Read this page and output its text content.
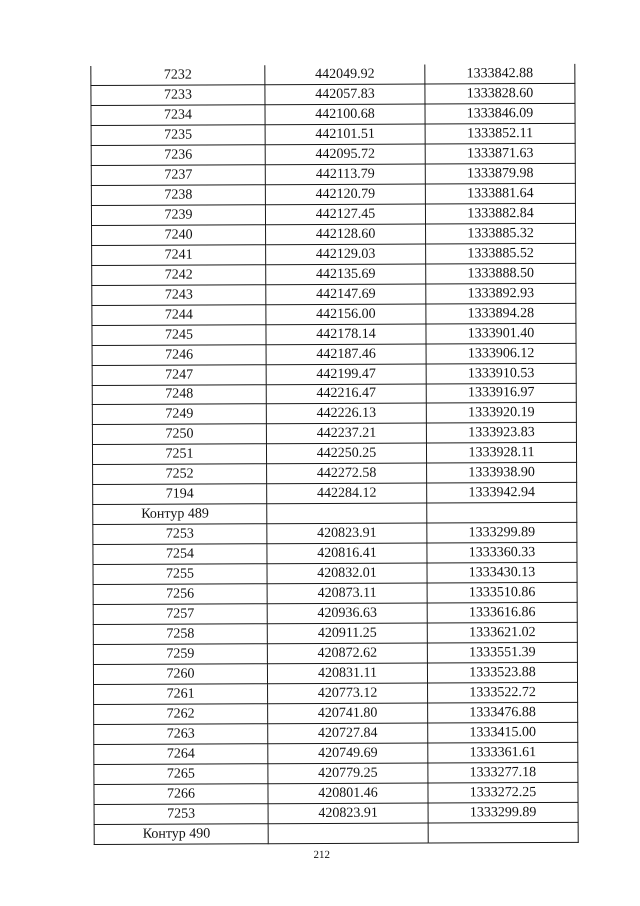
7232	442049.92	1333842.88
7233	442057.83	1333828.60
7234	442100.68	1333846.09
7235	442101.51	1333852.11
7236	442095.72	1333871.63
7237	442113.79	1333879.98
7238	442120.79	1333881.64
7239	442127.45	1333882.84
7240	442128.60	1333885.32
7241	442129.03	1333885.52
7242	442135.69	1333888.50
7243	442147.69	1333892.93
7244	442156.00	1333894.28
7245	442178.14	1333901.40
7246	442187.46	1333906.12
7247	442199.47	1333910.53
7248	442216.47	1333916.97
7249	442226.13	1333920.19
7250	442237.21	1333923.83
7251	442250.25	1333928.11
7252	442272.58	1333938.90
7194	442284.12	1333942.94
Контур 489		
7253	420823.91	1333299.89
7254	420816.41	1333360.33
7255	420832.01	1333430.13
7256	420873.11	1333510.86
7257	420936.63	1333616.86
7258	420911.25	1333621.02
7259	420872.62	1333551.39
7260	420831.11	1333523.88
7261	420773.12	1333522.72
7262	420741.80	1333476.88
7263	420727.84	1333415.00
7264	420749.69	1333361.61
7265	420779.25	1333277.18
7266	420801.46	1333272.25
7253	420823.91	1333299.89
Контур 490		
212
